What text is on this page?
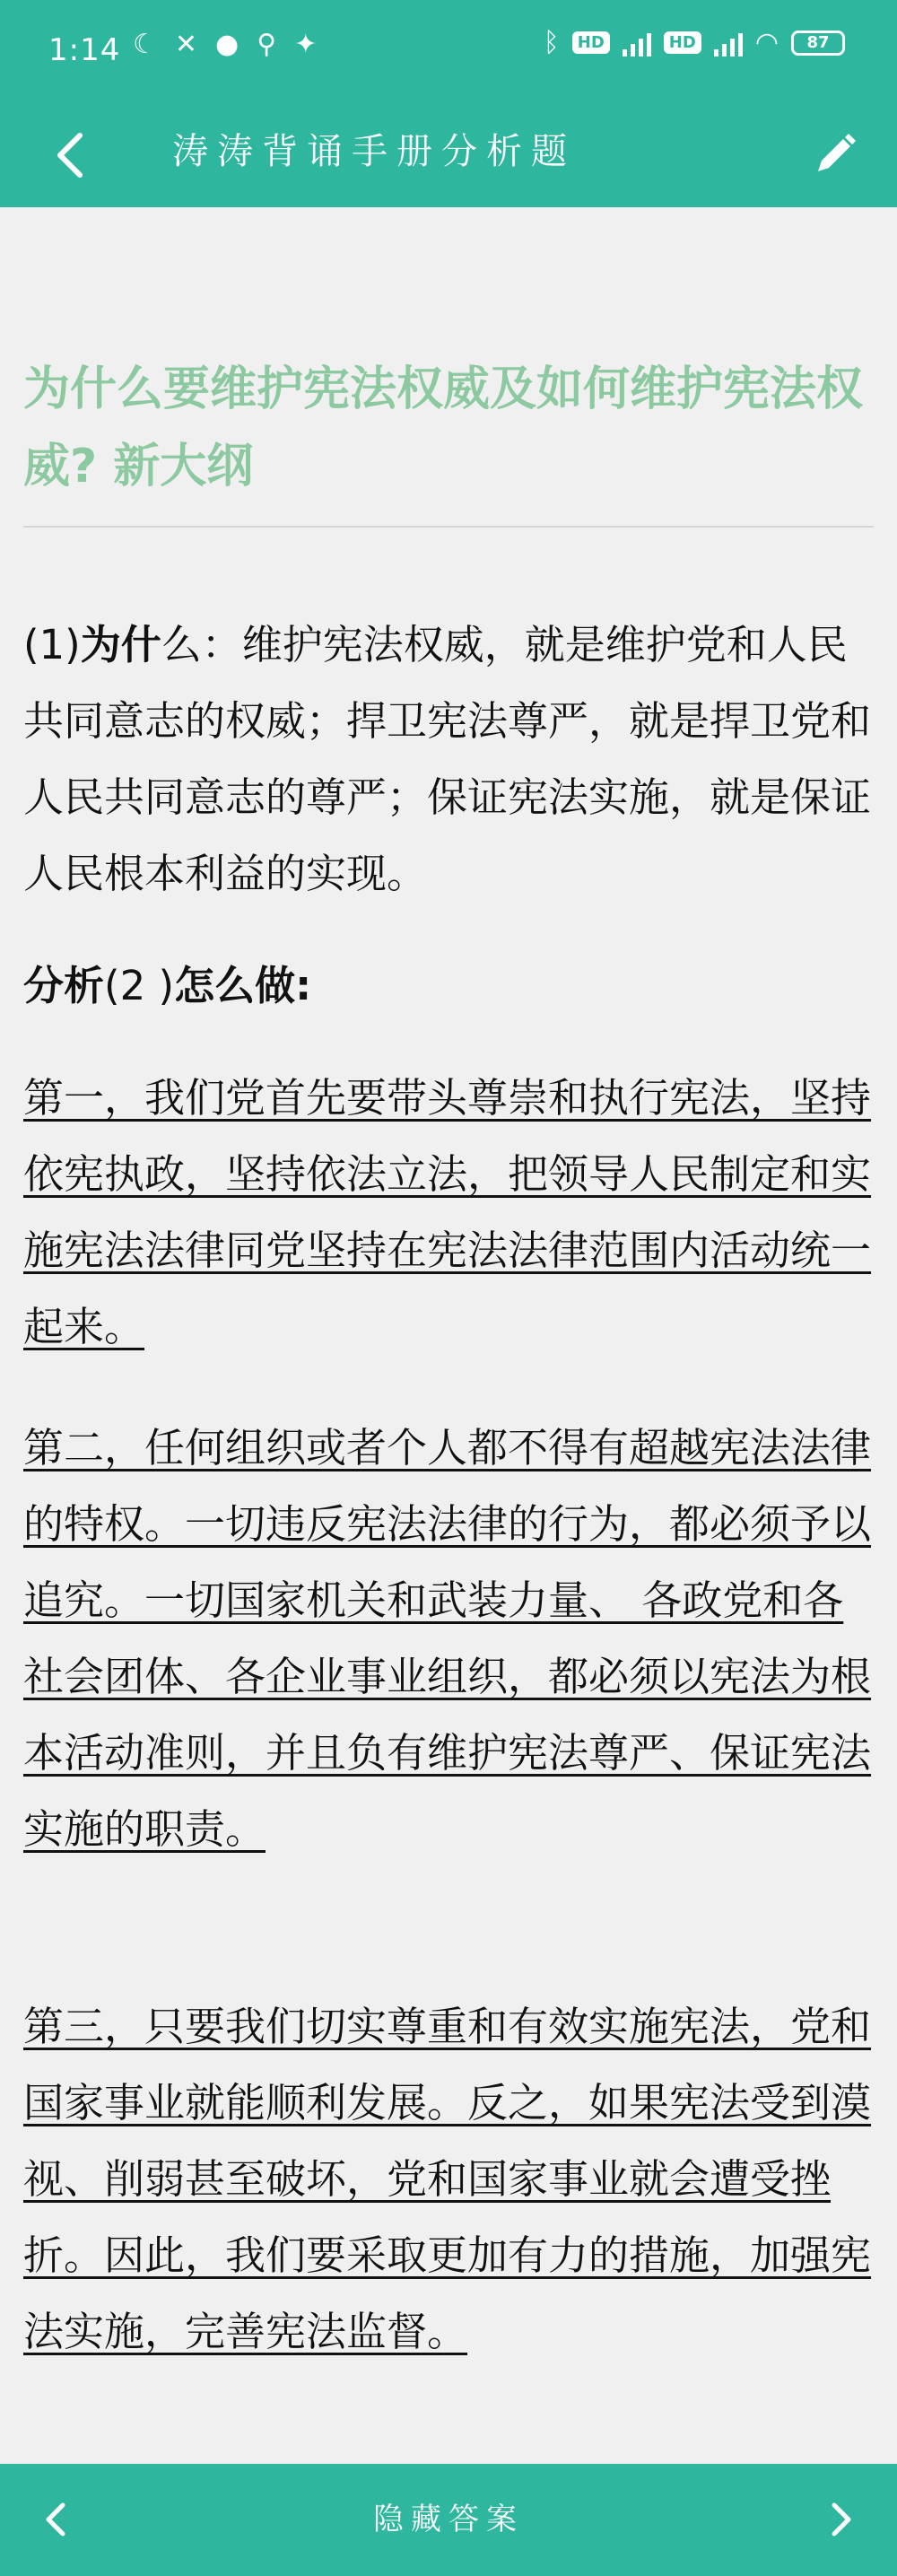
1:14 ☾ ✕ ● ⚲ ✦	ᛒ	HD	HD ◠ 87
涛涛背诵手册分析题
为什么要维护宪法权威及如何维护宪法权威? 新大纲
(1)为什么：维护宪法权威，就是维护党和人民共同意志的权威；捍卫宪法尊严，就是捍卫党和人民共同意志的尊严；保证宪法实施，就是保证人民根本利益的实现。
分析(2 )怎么做:
第一，我们党首先要带头尊崇和执行宪法，坚持依宪执政，坚持依法立法，把领导人民制定和实施宪法法律同党坚持在宪法法律范围内活动统一起来。
第二，任何组织或者个人都不得有超越宪法法律的特权。一切违反宪法法律的行为，都必须予以追究。一切国家机关和武装力量、 各政党和各社会团体、各企业事业组织，都必须以宪法为根本活动准则，并且负有维护宪法尊严、保证宪法实施的职责。
第三，只要我们切实尊重和有效实施宪法，党和国家事业就能顺利发展。反之，如果宪法受到漠视、削弱甚至破坏，党和国家事业就会遭受挫折。因此，我们要采取更加有力的措施，加强宪法实施，完善宪法监督。
隐藏答案
